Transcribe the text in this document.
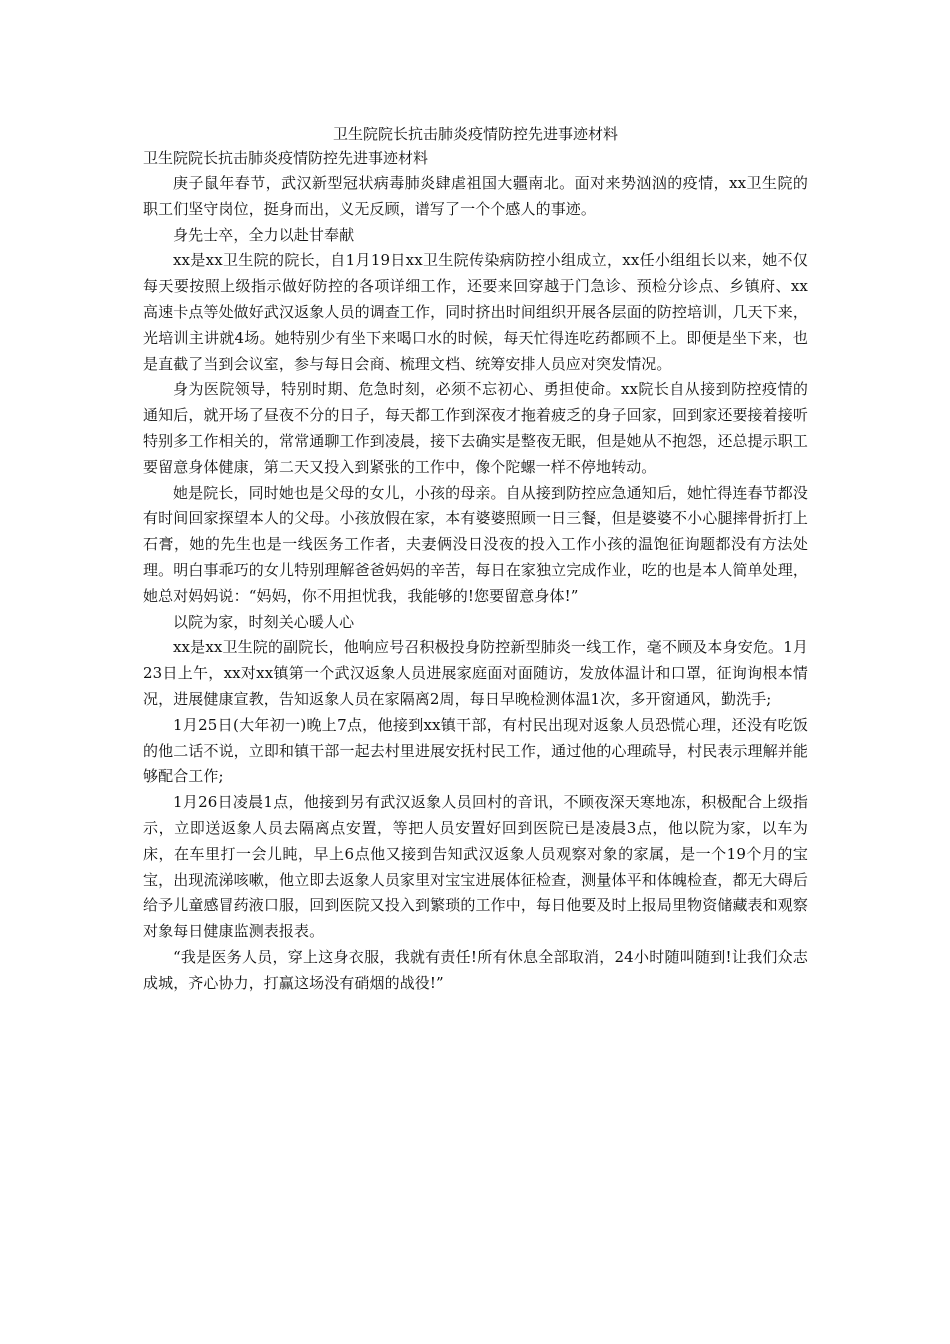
卫生院院长抗击肺炎疫情防控先进事迹材料

卫生院院长抗击肺炎疫情防控先进事迹材料

庚子鼠年春节，武汉新型冠状病毒肺炎肆虐祖国大疆南北。面对来势汹汹的疫情，xx卫生院的职工们坚守岗位，挺身而出，义无反顾，谱写了一个个感人的事迹。

身先士卒，全力以赴甘奉献

xx是xx卫生院的院长，自1月19日xx卫生院传染病防控小组成立，xx任小组组长以来，她不仅每天要按照上级指示做好防控的各项详细工作，还要来回穿越于门急诊、预检分诊点、乡镇府、xx高速卡点等处做好武汉返象人员的调查工作，同时挤出时间组织开展各层面的防控培训，几天下来，光培训主讲就4场。她特别少有坐下来喝口水的时候，每天忙得连吃药都顾不上。即便是坐下来，也是直截了当到会议室，参与每日会商、梳理文档、统筹安排人员应对突发情况。

身为医院领导，特别时期、危急时刻，必须不忘初心、勇担使命。xx院长自从接到防控疫情的通知后，就开场了昼夜不分的日子，每天都工作到深夜才拖着疲乏的身子回家，回到家还要接着接听特别多工作相关的，常常通聊工作到凌晨，接下去确实是整夜无眠，但是她从不抱怨，还总提示职工要留意身体健康，第二天又投入到紧张的工作中，像个陀螺一样不停地转动。

她是院长，同时她也是父母的女儿，小孩的母亲。自从接到防控应急通知后，她忙得连春节都没有时间回家探望本人的父母。小孩放假在家，本有婆婆照顾一日三餐，但是婆婆不小心腿摔骨折打上石膏，她的先生也是一线医务工作者，夫妻俩没日没夜的投入工作小孩的温饱征询题都没有方法处理。明白事乖巧的女儿特别理解爸爸妈妈的辛苦，每日在家独立完成作业，吃的也是本人简单处理，她总对妈妈说：“妈妈，你不用担忧我，我能够的!您要留意身体!”

以院为家，时刻关心暖人心

xx是xx卫生院的副院长，他响应号召积极投身防控新型肺炎一线工作，毫不顾及本身安危。1月23日上午，xx对xx镇第一个武汉返象人员进展家庭面对面随访，发放体温计和口罩，征询询根本情况，进展健康宣教，告知返象人员在家隔离2周，每日早晚检测体温1次，多开窗通风，勤洗手;

1月25日(大年初一)晚上7点，他接到xx镇干部，有村民出现对返象人员恐慌心理，还没有吃饭的他二话不说，立即和镇干部一起去村里进展安抚村民工作，通过他的心理疏导，村民表示理解并能够配合工作;

1月26日凌晨1点，他接到另有武汉返象人员回村的音讯，不顾夜深天寒地冻，积极配合上级指示，立即送返象人员去隔离点安置，等把人员安置好回到医院已是凌晨3点，他以院为家，以车为床，在车里打一会儿盹，早上6点他又接到告知武汉返象人员观察对象的家属，是一个19个月的宝宝，出现流涕咳嗽，他立即去返象人员家里对宝宝进展体征检查，测量体平和体魄检查，都无大碍后给予儿童感冒药液口服，回到医院又投入到繁琐的工作中，每日他要及时上报局里物资储藏表和观察对象每日健康监测表报表。

“我是医务人员，穿上这身衣服，我就有责任!所有休息全部取消，24小时随叫随到!让我们众志成城，齐心协力，打赢这场没有硝烟的战役!”
